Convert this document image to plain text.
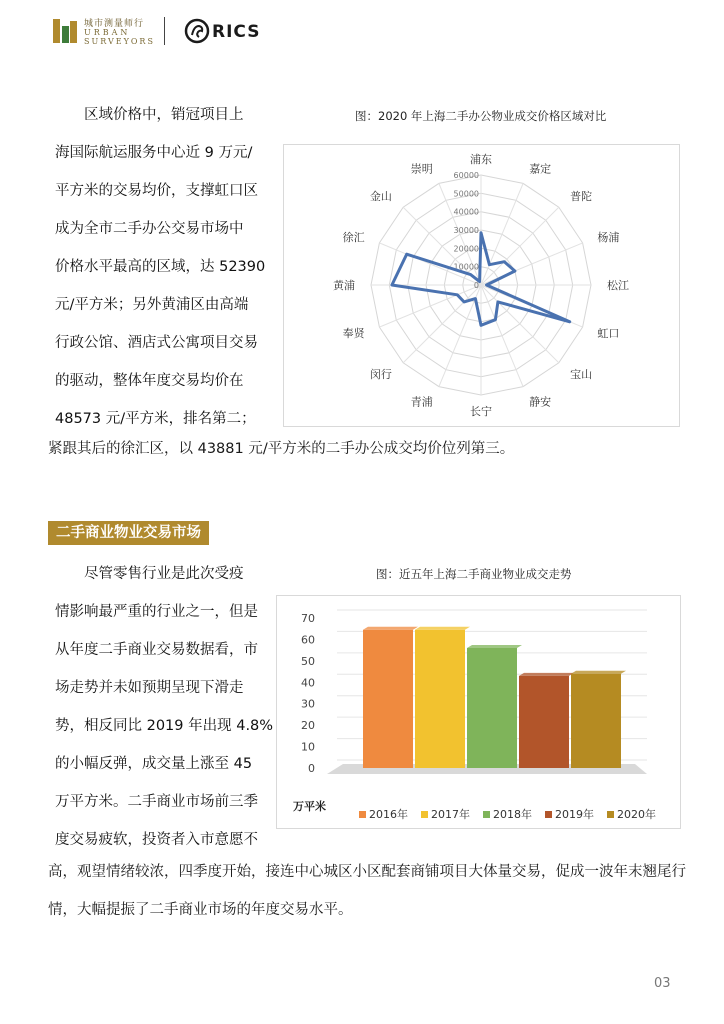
城市测量师行
URBAN
SURVEYORS	RICS
区域价格中，销冠项目上
海国际航运服务中心近 9 万元/
平方米的交易均价，支撑虹口区
成为全市二手办公交易市场中
价格水平最高的区域，达 52390
元/平方米；另外黄浦区由高端
行政公馆、酒店式公寓项目交易
的驱动，整体年度交易均价在
48573 元/平方米，排名第二；
紧跟其后的徐汇区，以 43881 元/平方米的二手办公成交均价位列第三。
图：2020 年上海二手办公物业成交价格区域对比
0
10000
20000
30000
40000
50000
60000
浦东
嘉定
普陀
杨浦
松江
虹口
宝山
静安
长宁
青浦
闵行
奉贤
黄浦
徐汇
金山
崇明
二手商业物业交易市场
尽管零售行业是此次受疫
情影响最严重的行业之一，但是
从年度二手商业交易数据看，市
场走势并未如预期呈现下滑走
势，相反同比 2019 年出现 4.8%
的小幅反弹，成交量上涨至 45
万平方米。二手商业市场前三季
度交易疲软，投资者入市意愿不
高，观望情绪较浓，四季度开始，接连中心城区小区配套商铺项目大体量交易，促成一波年末翘尾行
情，大幅提振了二手商业市场的年度交易水平。
图：近五年上海二手商业物业成交走势
0
10
20
30
40
50
60
70
万平米
2016年 2017年 2018年 2019年 2020年
03
